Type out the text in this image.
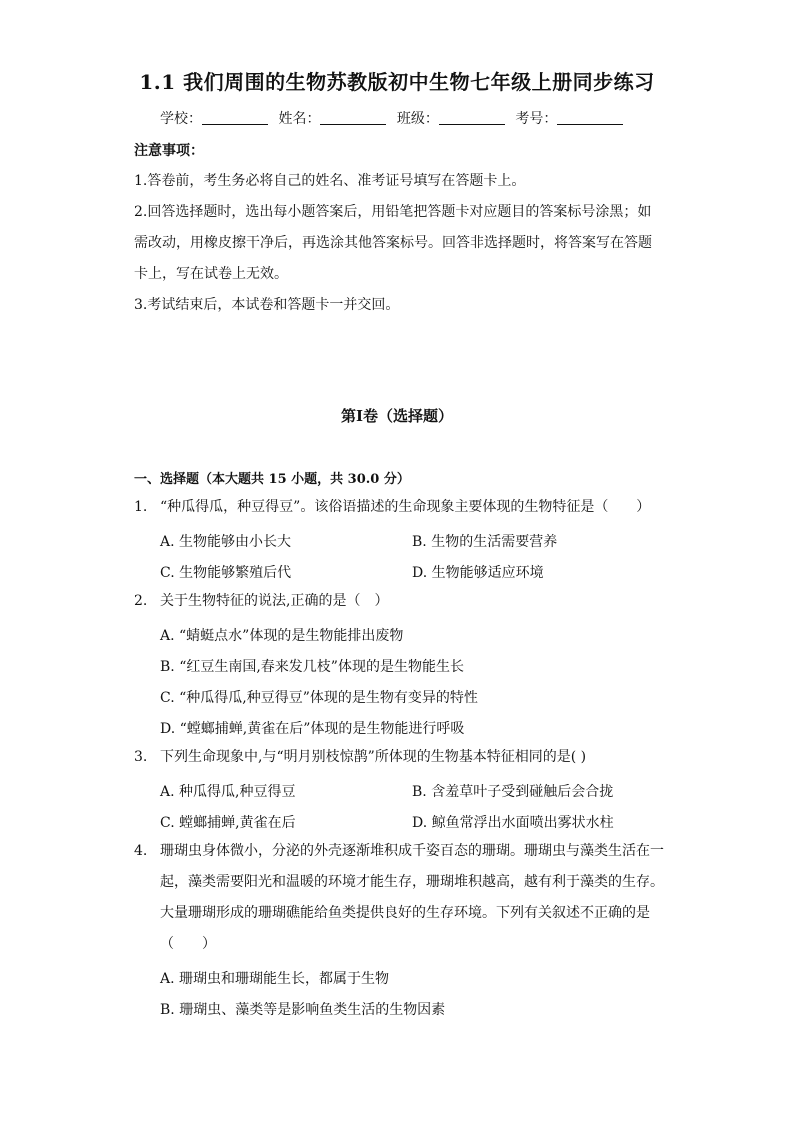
1.1 我们周围的生物苏教版初中生物七年级上册同步练习
学校：	姓名：	班级：	考号：
注意事项：
1.答卷前，考生务必将自己的姓名、准考证号填写在答题卡上。
2.回答选择题时，选出每小题答案后，用铅笔把答题卡对应题目的答案标号涂黑；如需改动，用橡皮擦干净后，再选涂其他答案标号。回答非选择题时，将答案写在答题卡上，写在试卷上无效。
3.考试结束后，本试卷和答题卡一并交回。
第I卷（选择题）
一、选择题（本大题共 15 小题，共 30.0 分）
1. “种瓜得瓜，种豆得豆”。该俗语描述的生命现象主要体现的生物特征是（　　）
A. 生物能够由小长大	B. 生物的生活需要营养
C. 生物能够繁殖后代	D. 生物能够适应环境
2. 关于生物特征的说法,正确的是（　）
A. “蜻蜓点水”体现的是生物能排出废物
B. “红豆生南国,春来发几枝”体现的是生物能生长
C. “种瓜得瓜,种豆得豆”体现的是生物有变异的特性
D. “螳螂捕蝉,黄雀在后”体现的是生物能进行呼吸
3. 下列生命现象中,与“明月别枝惊鹊”所体现的生物基本特征相同的是( )
A. 种瓜得瓜,种豆得豆	B. 含羞草叶子受到碰触后会合拢
C. 螳螂捕蝉,黄雀在后	D. 鲸鱼常浮出水面喷出雾状水柱
4. 珊瑚虫身体微小，分泌的外壳逐渐堆积成千姿百态的珊瑚。珊瑚虫与藻类生活在一起，藻类需要阳光和温暖的环境才能生存，珊瑚堆积越高，越有利于藻类的生存。大量珊瑚形成的珊瑚礁能给鱼类提供良好的生存环境。下列有关叙述不正确的是（　　）
A. 珊瑚虫和珊瑚能生长，都属于生物
B. 珊瑚虫、藻类等是影响鱼类生活的生物因素
